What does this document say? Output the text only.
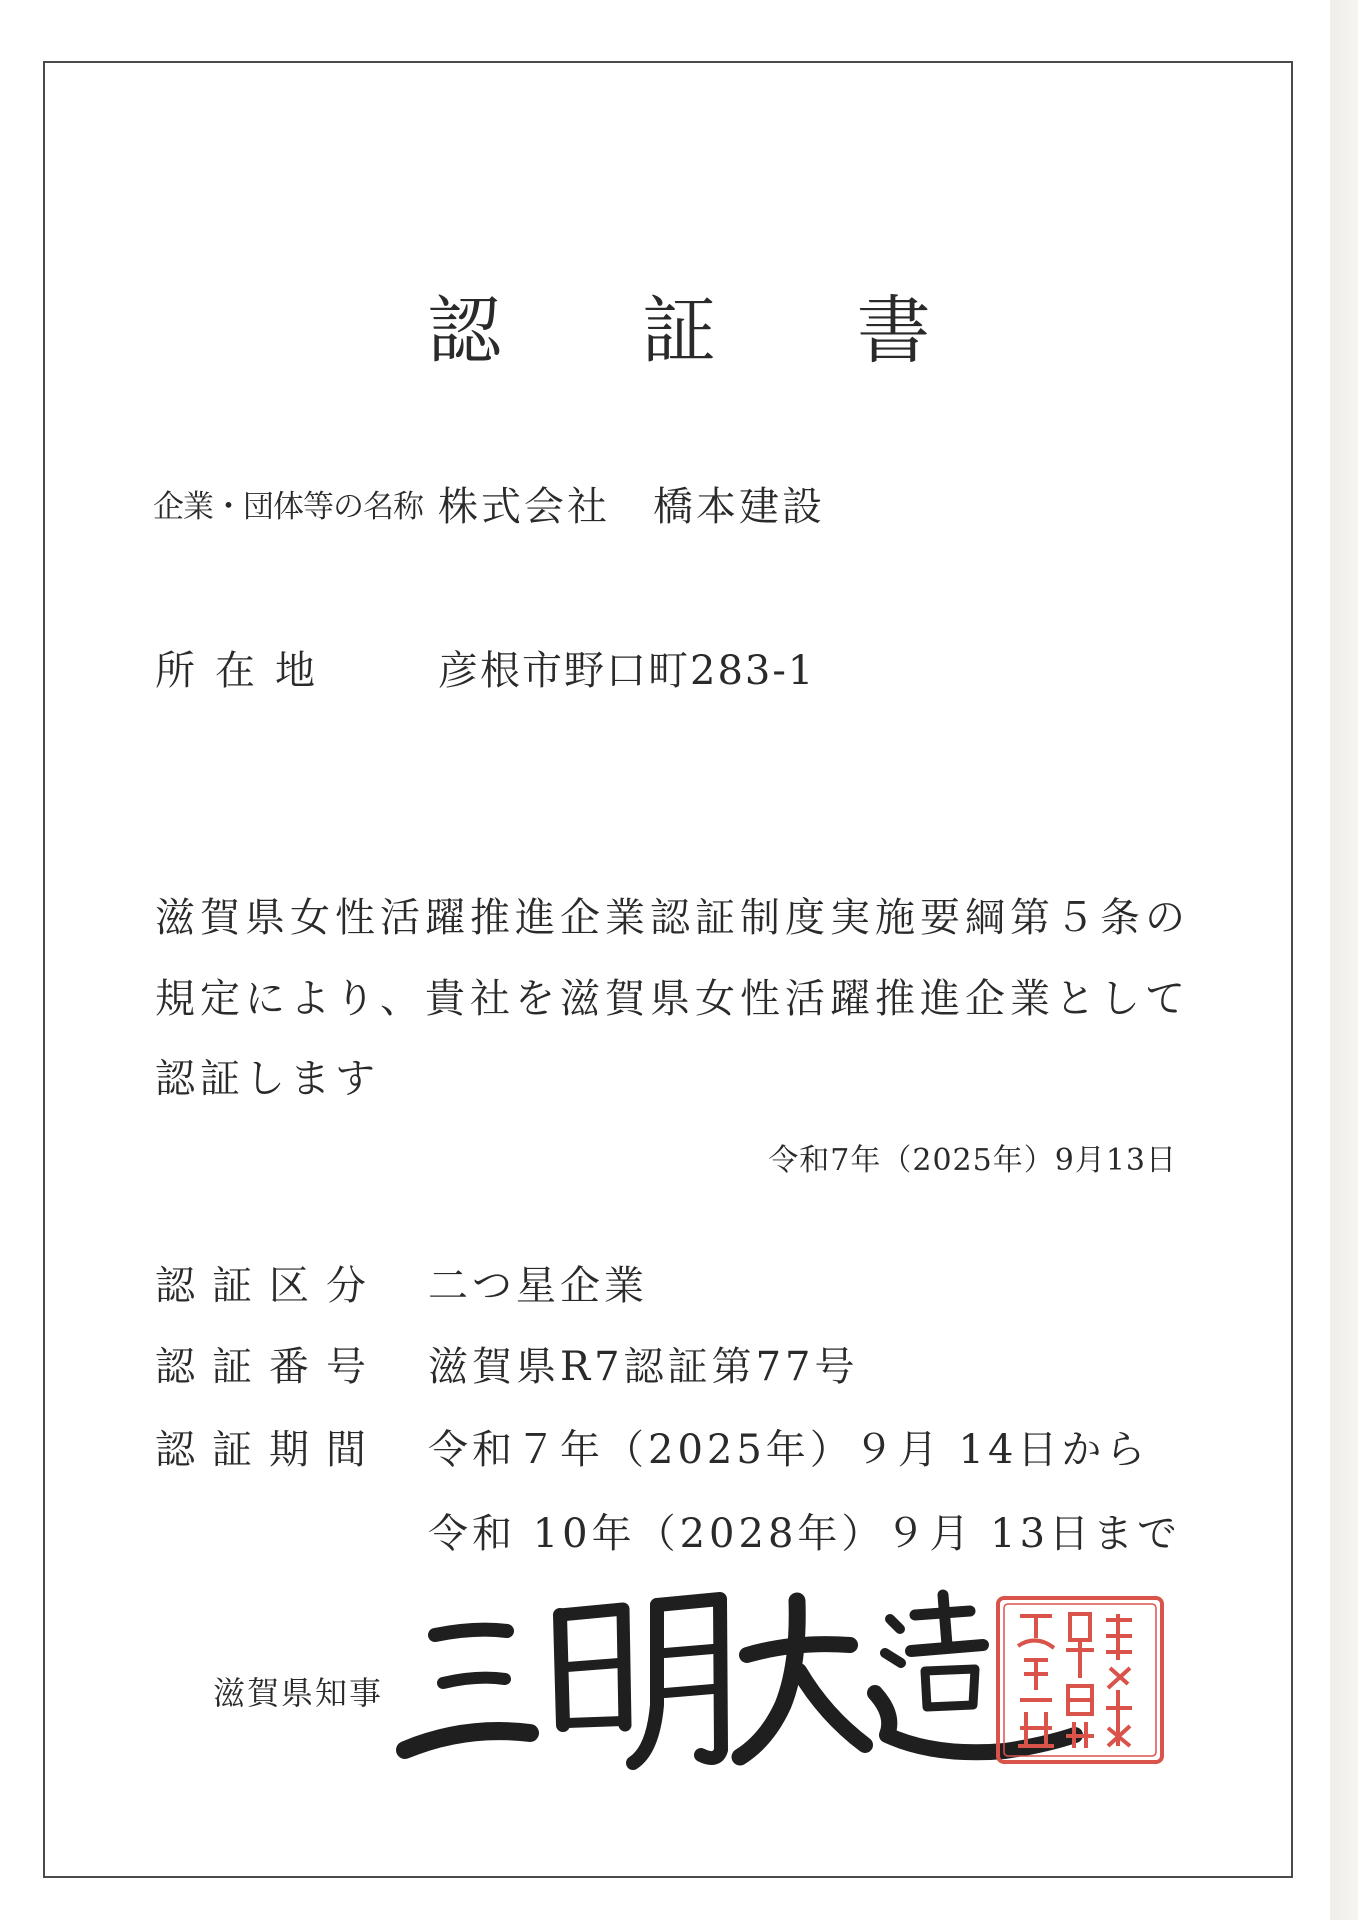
認　証　書
企業・団体等の名称 株式会社　橋本建設
所在地	彦根市野口町283-1
滋賀県女性活躍推進企業認証制度実施要綱第５条の
規定により、貴社を滋賀県女性活躍推進企業として
認証します
令和7年（2025年）9月13日
認証区分 二つ星企業
認証番号 滋賀県R7認証第77号
認証期間 令和７年（2025年）９月 14日から
令和 10年（2028年）９月 13日まで
滋賀県知事
